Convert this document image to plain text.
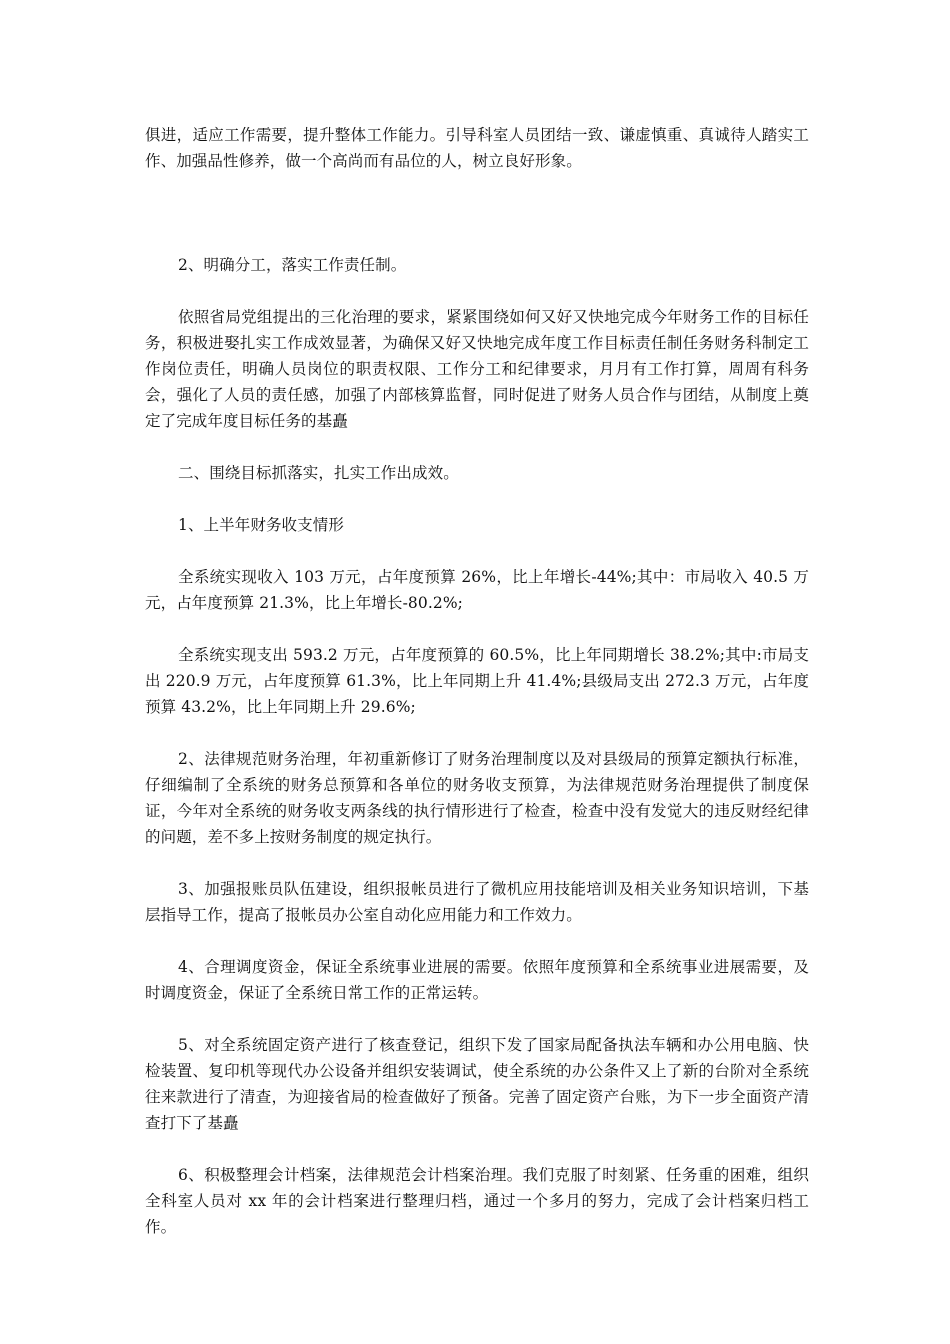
俱进，适应工作需要，提升整体工作能力。引导科室人员团结一致、谦虚慎重、真诚待人踏实工作、加强品性修养，做一个高尚而有品位的人，树立良好形象。

2、明确分工，落实工作责任制。

依照省局党组提出的三化治理的要求，紧紧围绕如何又好又快地完成今年财务工作的目标任务，积极进娶扎实工作成效显著，为确保又好又快地完成年度工作目标责任制任务财务科制定工作岗位责任，明确人员岗位的职责权限、工作分工和纪律要求，月月有工作打算，周周有科务会，强化了人员的责任感，加强了内部核算监督，同时促进了财务人员合作与团结，从制度上奠定了完成年度目标任务的基矗

二、围绕目标抓落实，扎实工作出成效。

1、上半年财务收支情形

全系统实现收入 103 万元，占年度预算 26%，比上年增长-44%;其中：市局收入 40.5 万元，占年度预算 21.3%，比上年增长-80.2%;

全系统实现支出 593.2 万元，占年度预算的 60.5%，比上年同期增长 38.2%;其中:市局支出 220.9 万元，占年度预算 61.3%，比上年同期上升 41.4%;县级局支出 272.3 万元，占年度预算 43.2%，比上年同期上升 29.6%;

2、法律规范财务治理，年初重新修订了财务治理制度以及对县级局的预算定额执行标准，仔细编制了全系统的财务总预算和各单位的财务收支预算，为法律规范财务治理提供了制度保证，今年对全系统的财务收支两条线的执行情形进行了检查，检查中没有发觉大的违反财经纪律的问题，差不多上按财务制度的规定执行。

3、加强报账员队伍建设，组织报帐员进行了微机应用技能培训及相关业务知识培训，下基层指导工作，提高了报帐员办公室自动化应用能力和工作效力。

4、合理调度资金，保证全系统事业进展的需要。依照年度预算和全系统事业进展需要，及时调度资金，保证了全系统日常工作的正常运转。

5、对全系统固定资产进行了核查登记，组织下发了国家局配备执法车辆和办公用电脑、快检装置、复印机等现代办公设备并组织安装调试，使全系统的办公条件又上了新的台阶对全系统往来款进行了清查，为迎接省局的检查做好了预备。完善了固定资产台账，为下一步全面资产清查打下了基矗

6、积极整理会计档案，法律规范会计档案治理。我们克服了时刻紧、任务重的困难，组织全科室人员对 xx 年的会计档案进行整理归档，通过一个多月的努力，完成了会计档案归档工作。
